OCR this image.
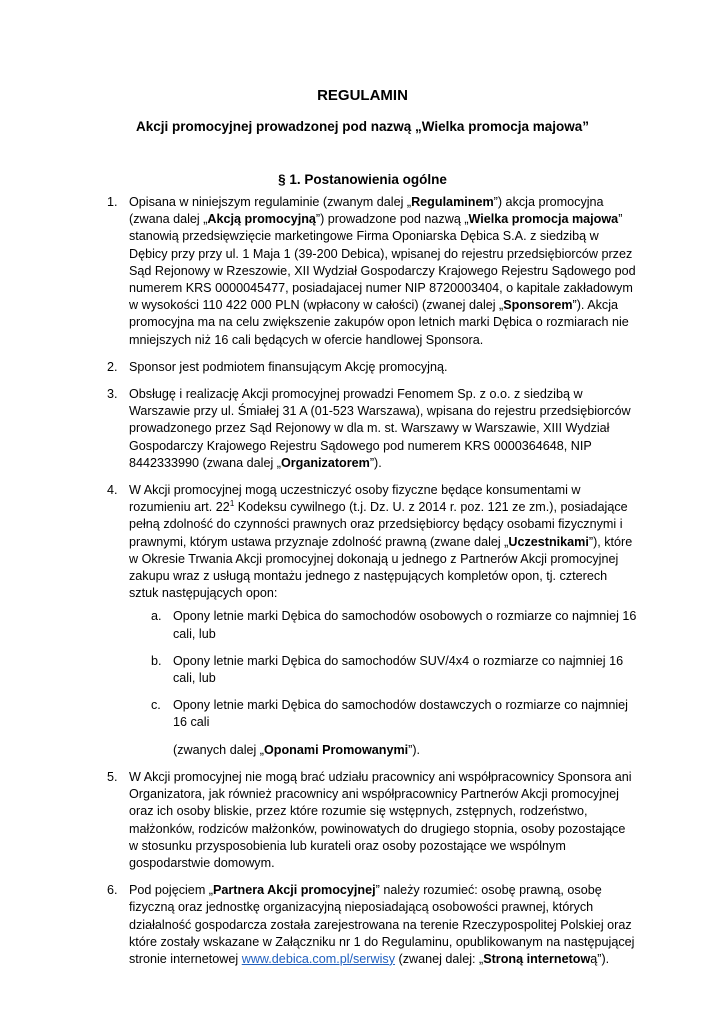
REGULAMIN
Akcji promocyjnej prowadzonej pod nazwą „Wielka promocja majowa”
§ 1. Postanowienia ogólne
1. Opisana w niniejszym regulaminie (zwanym dalej „Regulaminem”) akcja promocyjna (zwana dalej „Akcją promocyjną”) prowadzone pod nazwą „Wielka promocja majowa” stanowią przedsięwzięcie marketingowe Firma Oponiarska Dębica S.A. z siedzibą w Dębicy przy przy ul. 1 Maja 1 (39-200 Debica), wpisanej do rejestru przedsiębiorców przez Sąd Rejonowy w Rzeszowie, XII Wydział Gospodarczy Krajowego Rejestru Sądowego pod numerem KRS 0000045477, posiadajacej numer NIP 8720003404, o kapitale zakładowym w wysokości 110 422 000 PLN (wpłacony w całości) (zwanej dalej „Sponsorem”). Akcja promocyjna ma na celu zwiększenie zakupów opon letnich marki Dębica o rozmiarach nie mniejszych niż 16 cali będących w ofercie handlowej Sponsora.
2. Sponsor jest podmiotem finansującym Akcję promocyjną.
3. Obsługę i realizację Akcji promocyjnej prowadzi Fenomem Sp. z o.o. z siedzibą w Warszawie przy ul. Śmiałej 31 A (01-523 Warszawa), wpisana do rejestru przedsiębiorców prowadzonego przez Sąd Rejonowy w dla m. st. Warszawy w Warszawie, XIII Wydział Gospodarczy Krajowego Rejestru Sądowego pod numerem KRS 0000364648, NIP 8442333990 (zwana dalej „Organizatorem”).
4. W Akcji promocyjnej mogą uczestniczyć osoby fizyczne będące konsumentami w rozumieniu art. $22^1$ Kodeksu cywilnego (t.j. Dz. U. z 2014 r. poz. 121 ze zm.), posiadające pełną zdolność do czynności prawnych oraz przedsiębiorcy będący osobami fizycznymi i prawnymi, którym ustawa przyznaje zdolność prawną (zwane dalej „Uczestnikami”), które w Okresie Trwania Akcji promocyjnej dokonają u jednego z Partnerów Akcji promocyjnej zakupu wraz z usługą montażu jednego z następujących kompletów opon, tj. czterech sztuk następujących opon:
a. Opony letnie marki Dębica do samochodów osobowych o rozmiarze co najmniej 16 cali, lub
b. Opony letnie marki Dębica do samochodów SUV/4x4 o rozmiarze co najmniej 16 cali, lub
c. Opony letnie marki Dębica do samochodów dostawczych o rozmiarze co najmniej 16 cali

(zwanych dalej „Oponami Promowanymi”).

5. W Akcji promocyjnej nie mogą brać udziału pracownicy ani współpracownicy Sponsora ani Organizatora, jak również pracownicy ani współpracownicy Partnerów Akcji promocyjnej oraz ich osoby bliskie, przez które rozumie się wstępnych, zstępnych, rodzeństwo, małżonków, rodziców małżonków, powinowatych do drugiego stopnia, osoby pozostające w stosunku przysposobienia lub kurateli oraz osoby pozostające we wspólnym gospodarstwie domowym.
6. Pod pojęciem „Partnera Akcji promocyjnej” należy rozumieć: osobę prawną, osobę fizyczną oraz jednostkę organizacyjną nieposiadającą osobowości prawnej, których działalność gospodarcza została zarejestrowana na terenie Rzeczypospolitej Polskiej oraz które zostały wskazane w Załączniku nr 1 do Regulaminu, opublikowanym na następującej stronie internetowej www.debica.com.pl/serwisy (zwanej dalej: „Stroną internetową”).
